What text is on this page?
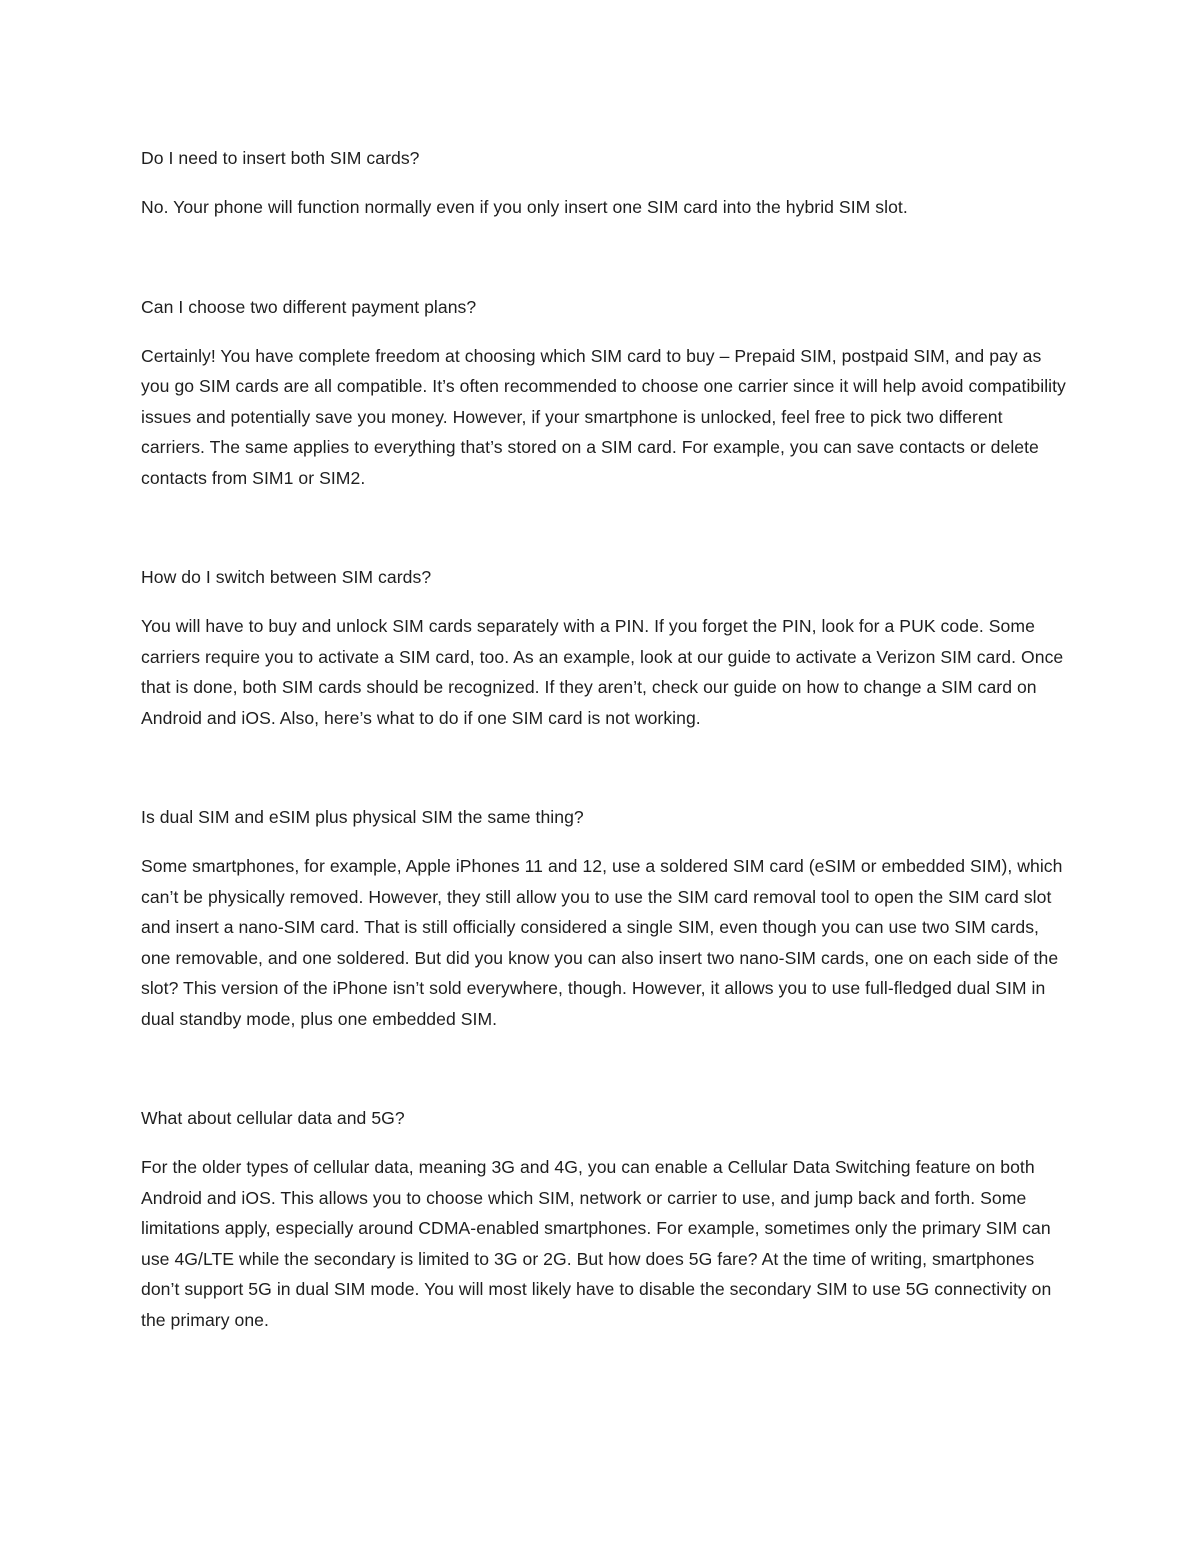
Do I need to insert both SIM cards?

No. Your phone will function normally even if you only insert one SIM card into the hybrid SIM slot.

Can I choose two different payment plans?

Certainly! You have complete freedom at choosing which SIM card to buy – Prepaid SIM, postpaid SIM, and pay as you go SIM cards are all compatible. It’s often recommended to choose one carrier since it will help avoid compatibility issues and potentially save you money. However, if your smartphone is unlocked, feel free to pick two different carriers. The same applies to everything that’s stored on a SIM card. For example, you can save contacts or delete contacts from SIM1 or SIM2.

How do I switch between SIM cards?

You will have to buy and unlock SIM cards separately with a PIN. If you forget the PIN, look for a PUK code. Some carriers require you to activate a SIM card, too. As an example, look at our guide to activate a Verizon SIM card. Once that is done, both SIM cards should be recognized. If they aren’t, check our guide on how to change a SIM card on Android and iOS. Also, here’s what to do if one SIM card is not working.

Is dual SIM and eSIM plus physical SIM the same thing?

Some smartphones, for example, Apple iPhones 11 and 12, use a soldered SIM card (eSIM or embedded SIM), which can’t be physically removed. However, they still allow you to use the SIM card removal tool to open the SIM card slot and insert a nano-SIM card. That is still officially considered a single SIM, even though you can use two SIM cards, one removable, and one soldered. But did you know you can also insert two nano-SIM cards, one on each side of the slot? This version of the iPhone isn’t sold everywhere, though. However, it allows you to use full-fledged dual SIM in dual standby mode, plus one embedded SIM.

What about cellular data and 5G?

For the older types of cellular data, meaning 3G and 4G, you can enable a Cellular Data Switching feature on both Android and iOS. This allows you to choose which SIM, network or carrier to use, and jump back and forth. Some limitations apply, especially around CDMA-enabled smartphones. For example, sometimes only the primary SIM can use 4G/LTE while the secondary is limited to 3G or 2G. But how does 5G fare? At the time of writing, smartphones don’t support 5G in dual SIM mode. You will most likely have to disable the secondary SIM to use 5G connectivity on the primary one.
